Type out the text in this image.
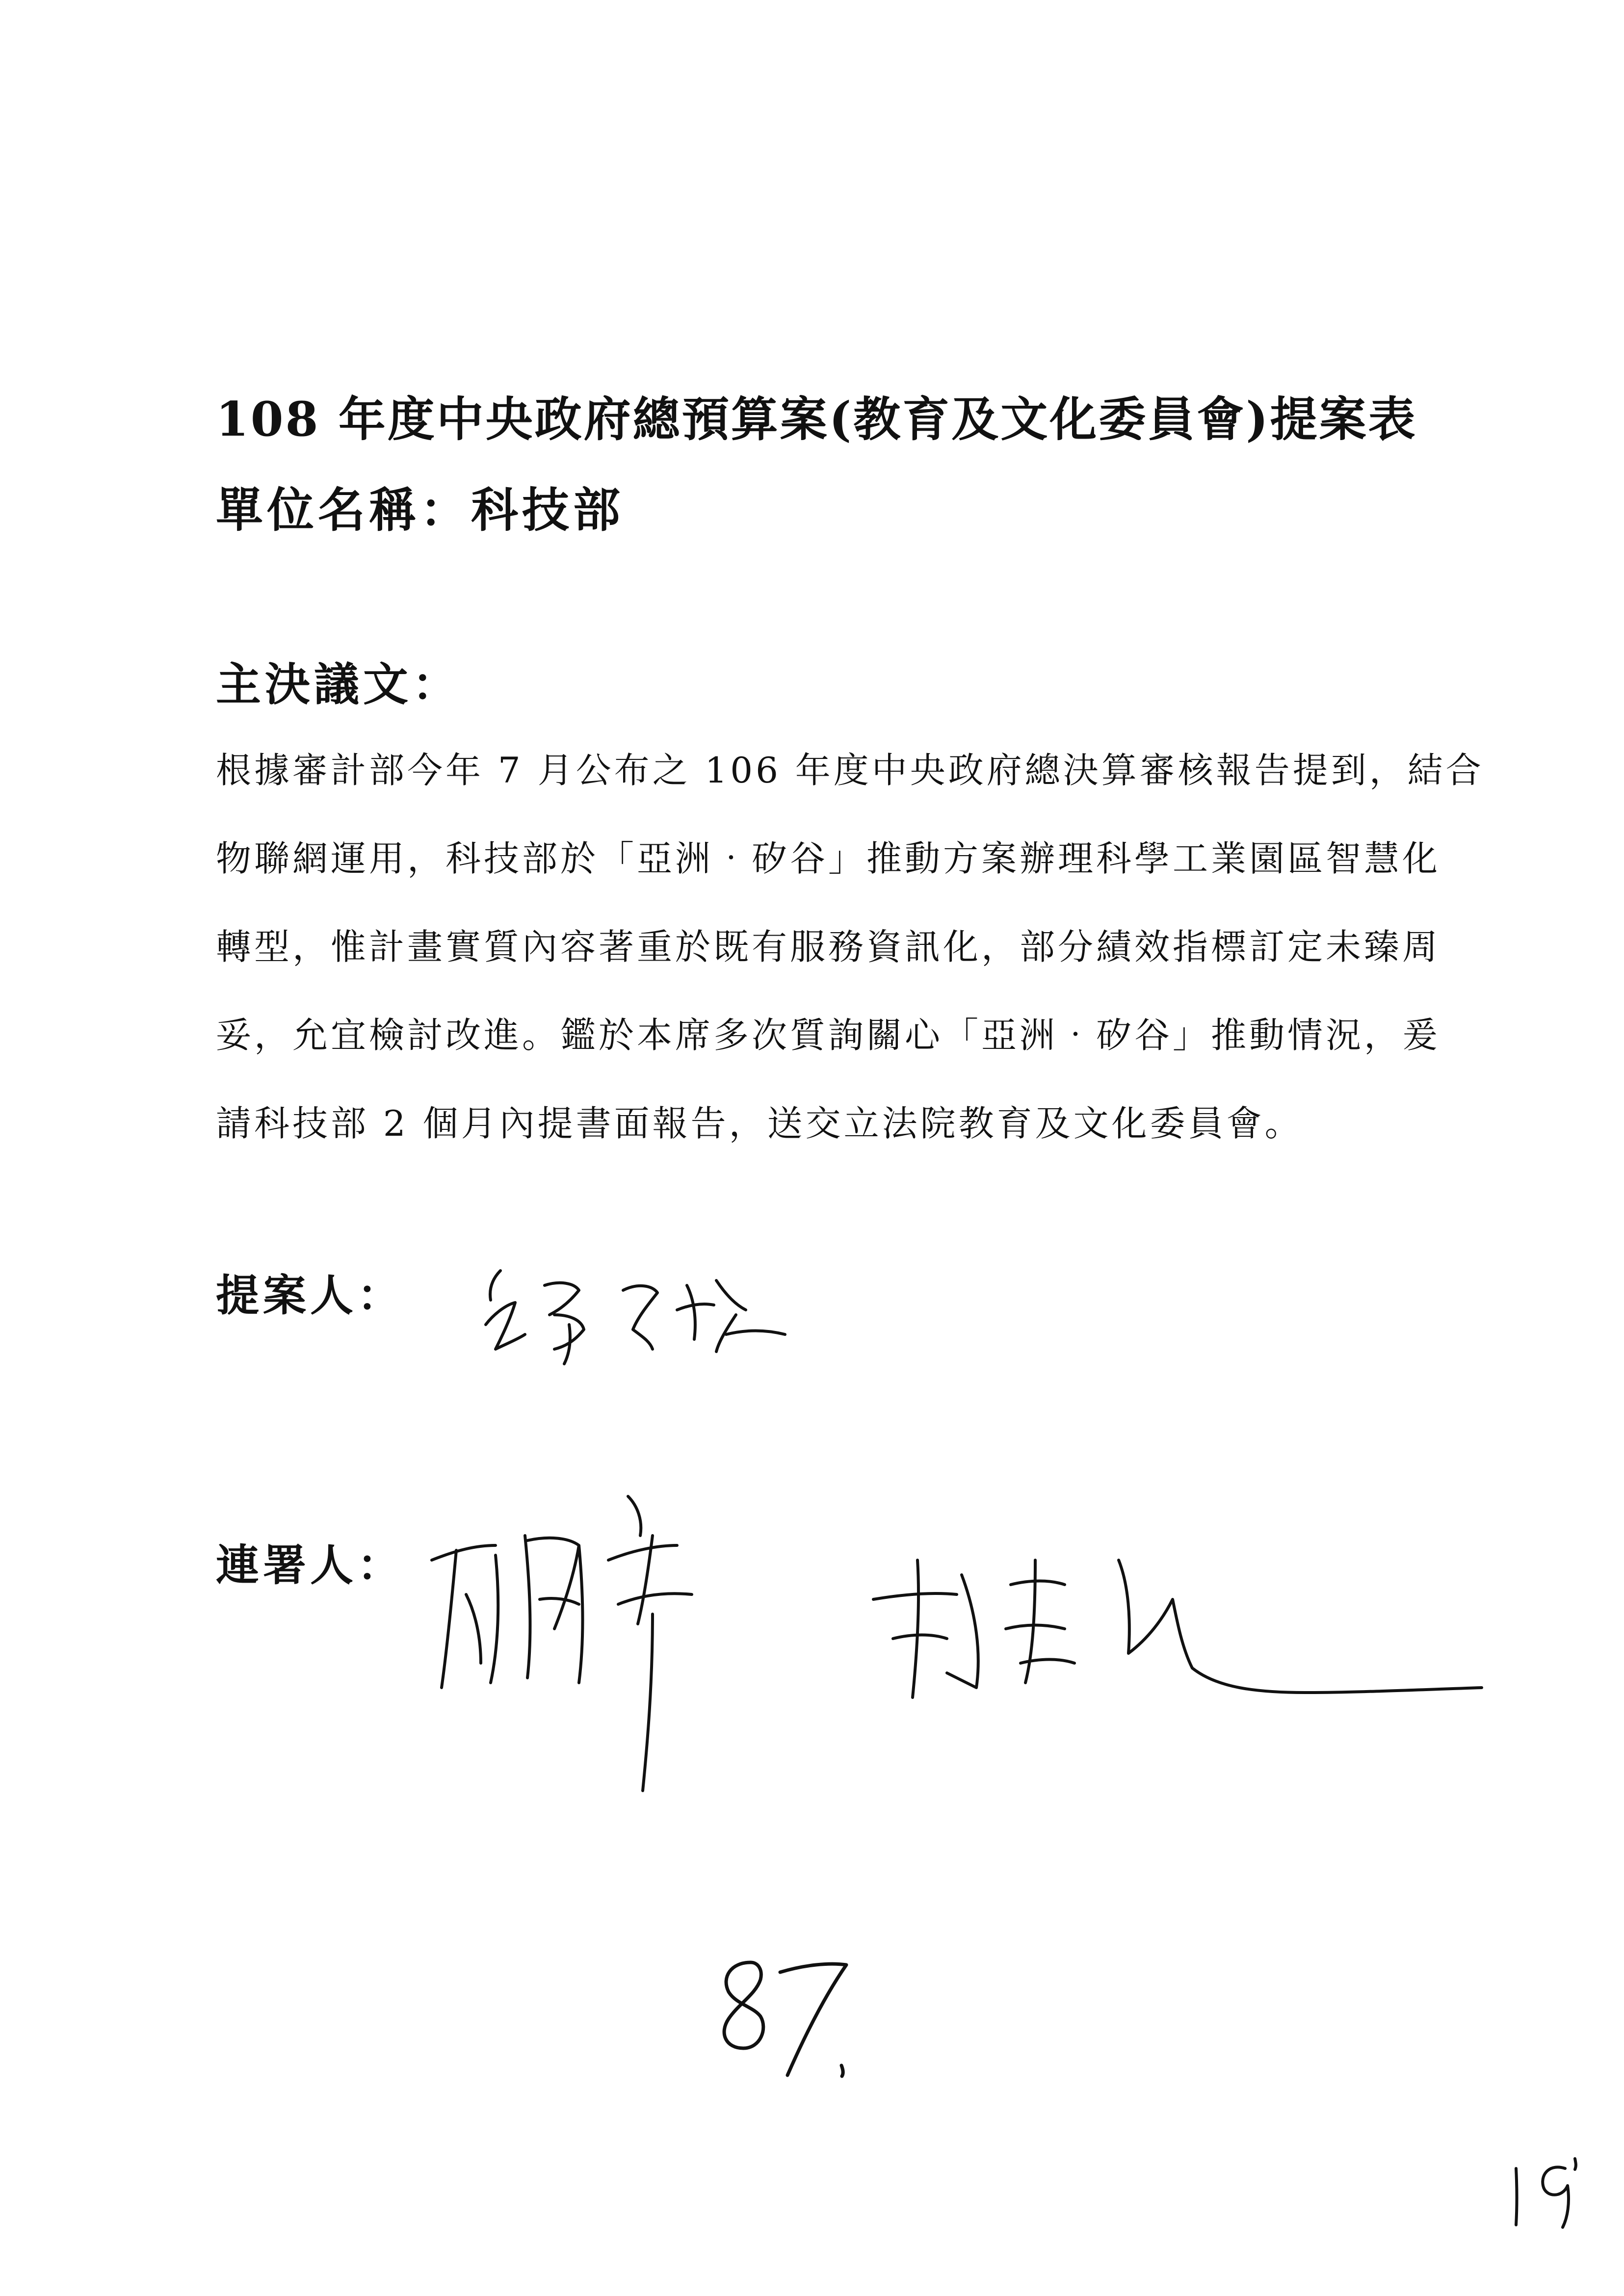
108 年度中央政府總預算案(教育及文化委員會)提案表
單位名稱：科技部
主決議文：
根據審計部今年 7 月公布之 106 年度中央政府總決算審核報告提到，結合
物聯網運用，科技部於「亞洲‧矽谷」推動方案辦理科學工業園區智慧化
轉型，惟計畫實質內容著重於既有服務資訊化，部分績效指標訂定未臻周
妥，允宜檢討改進。鑑於本席多次質詢關心「亞洲‧矽谷」推動情況，爰
請科技部 2 個月內提書面報告，送交立法院教育及文化委員會。
提案人：
連署人：
